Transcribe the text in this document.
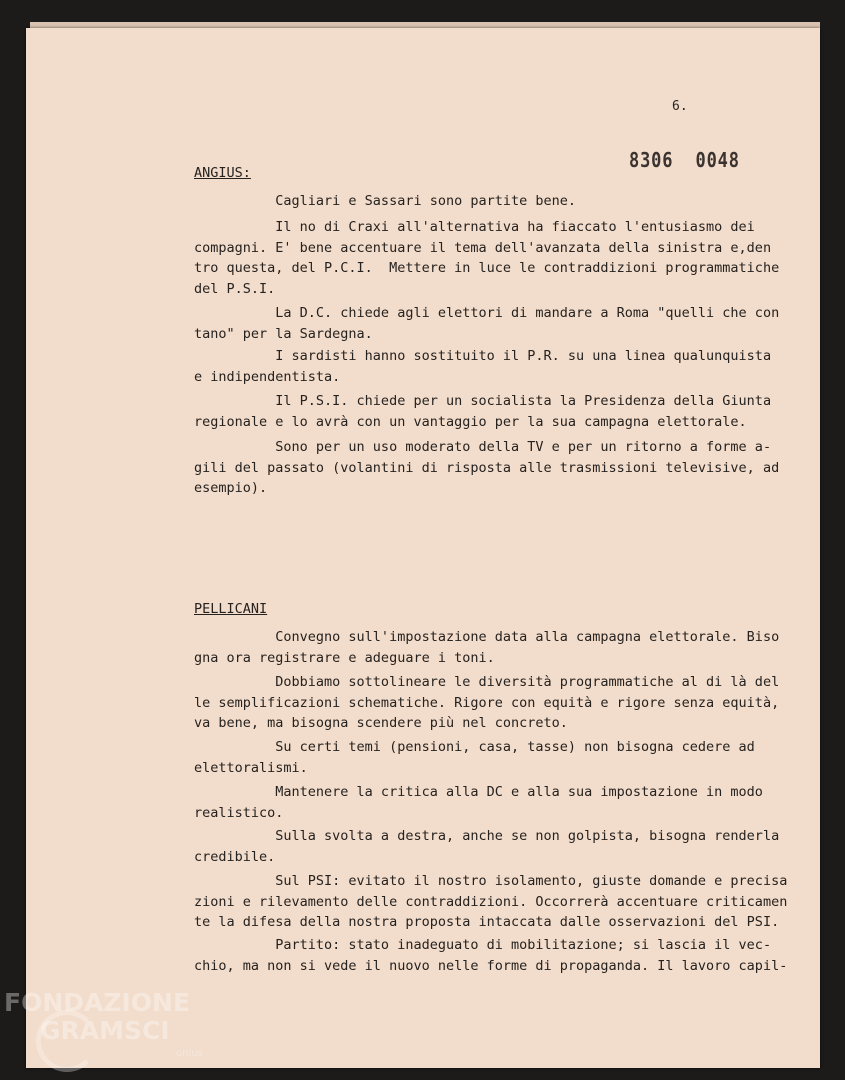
6.
8306  0048
ANGIUS:

Cagliari e Sassari sono partite bene.

Il no di Craxi all'alternativa ha fiaccato l'entusiasmo dei
compagni. E' bene accentuare il tema dell'avanzata della sinistra e,den
tro questa, del P.C.I.  Mettere in luce le contraddizioni programmatiche
del P.S.I.

La D.C. chiede agli elettori di mandare a Roma "quelli che
tano" per la Sardegna.

I sardisti hanno sostituito il P.R. su una linea qualunquista
e indipendentista.

Il P.S.I. chiede per un socialista la Presidenza della Giunta
regionale e lo avrà con un vantaggio per la sua campagna elettorale.

Sono per un uso moderato della TV e per un ritorno a forme a-
gili del passato (volantini di risposta alle trasmissioni televisive,
esempio).

PELLICANI

Convegno sull'impostazione data alla campagna elettorale. Biso
gna ora registrare e adeguare i toni.

Dobbiamo sottolineare le diversità programmatiche al di là
le semplificazioni schematiche. Rigore con equità e rigore senza equità,
va bene, ma bisogna scendere più nel concreto.

Su certi temi (pensioni, casa, tasse) non bisogna cedere ad
elettoralismi.

Mantenere la critica alla DC e alla sua impostazione in modo
realistico.

Sulla svolta a destra, anche se non golpista, bisogna renderla
credibile.

Sul PSI: evitato il nostro isolamento, giuste domande e precisa
zioni e rilevamento delle contraddizioni. Occorrerà accentuare criticamen
te la difesa della nostra proposta intaccata dalle osservazioni del PSI.

Partito: stato inadeguato di mobilitazione; si lascia il vec-
chio, ma non si vede il nuovo nelle forme di propaganda. Il lavoro capil-

FONDAZIONE
GRAMSCI
onlus
